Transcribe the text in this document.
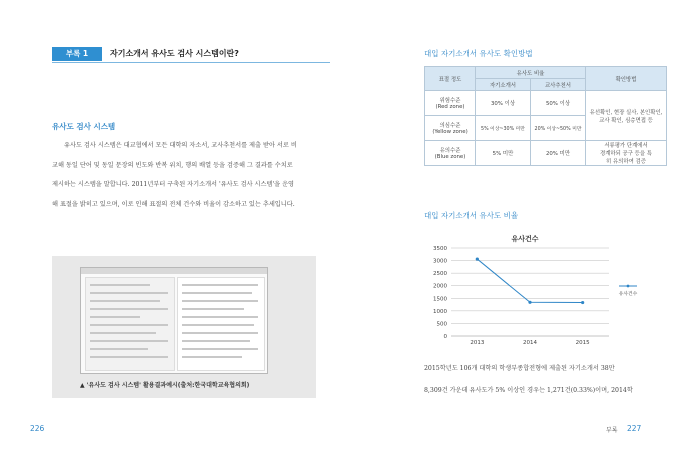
부록 1	자기소개서 유사도 검사 시스템이란?
유사도 검사 시스템

유사도 검사 시스템은 대교협에서 모든 대학의 자소서, 교사추천서를 제출 받아 서로 비교해 동일 단어 및 동일 문장의 빈도와 반복 위치, 행의 배열 등을 검증해 그 결과를 수치로 제시하는 시스템을 말합니다. 2011년부터 구축된 자기소개서 '유사도 검사 시스템'을 운영해 표절을 밝히고 있으며, 이로 인해 표절의 전체 건수와 비율이 감소하고 있는 추세입니다.

▲ '유사도 검사 시스템' 활용결과예시(출처:한국대학교육협의회)
대입 자기소개서 유사도 확인방법
표절 정도	유사도 비율		확인방법
	자기소개서	교사추천서	
위험수준
(Red zone)	30% 이상	50% 이상	유선확인, 현장 실사, 본인확인, 교사 확인, 심층면접 등
의심수준
(Yellow zone)	5% 이상~30% 미만	20% 이상~50% 미만	
유의수준
(Blue zone)	5% 미만	20% 미만	서류평가 단계에서
경계하되 공구 등을 특
히 유의하여 검증
대입 자기소개서 유사도 비율
유사건수
0
500
1000
1500
2000
2500
3000
3500
2013	2014	2015
유사건수

2015학년도 106개 대학의 학생부종합전형에 제출된 자기소개서 38만

8,309건 가운데 유사도가 5% 이상인 경우는 1,271건(0.33%)이며, 2014학

226	부록 227
